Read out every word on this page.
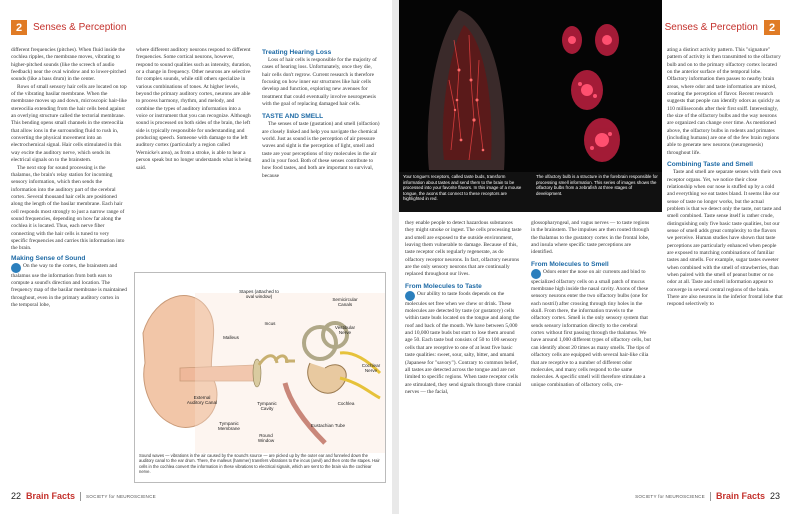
2	Senses & Perception

different frequencies (pitches). When fluid inside the cochlea ripples, the membrane moves, vibrating to higher-pitched sounds (like the screech of audio feedback) near the oval window and to lower-pitched sounds (like a bass drum) in the center.

Rows of small sensory hair cells are located on top of the vibrating basilar membrane. When the membrane moves up and down, microscopic hair-like stereocilia extending from the hair cells bend against an overlying structure called the tectorial membrane. This bending opens small channels in the stereocilia that allow ions in the surrounding fluid to rush in, converting the physical movement into an electrochemical signal. Hair cells stimulated in this way excite the auditory nerve, which sends its electrical signals on to the brainstem.

The next stop for sound processing is the thalamus, the brain's relay station for incoming sensory information, which then sends the information into the auditory part of the cerebral cortex. Several thousand hair cells are positioned along the length of the basilar membrane. Each hair cell responds most strongly to just a narrow range of sound frequencies, depending on how far along the cochlea it is located. Thus, each nerve fiber connecting with the hair cells is tuned to very specific frequencies and carries this information into the brain.

Making Sense of Sound

On the way to the cortex, the brainstem and thalamus use the information from both ears to compute a sound's direction and location. The frequency map of the basilar membrane is maintained throughout, even in the primary auditory cortex in the temporal lobe,

where different auditory neurons respond to different frequencies. Some cortical neurons, however, respond to sound qualities such as intensity, duration, or a change in frequency. Other neurons are selective for complex sounds, while still others specialize in various combinations of tones. At higher levels, beyond the primary auditory cortex, neurons are able to process harmony, rhythm, and melody, and combine the types of auditory information into a voice or instrument that you can recognize. Although sound is processed on both sides of the brain, the left side is typically responsible for understanding and producing speech. Someone with damage to the left auditory cortex (particularly a region called Wernicke's area), as from a stroke, is able to hear a person speak but no longer understands what is being said.

Treating Hearing Loss

Loss of hair cells is responsible for the majority of cases of hearing loss. Unfortunately, once they die, hair cells don't regrow. Current research is therefore focusing on how inner ear structures like hair cells develop and function, exploring new avenues for treatment that could eventually involve neurogenesis with the goal of replacing damaged hair cells.

TASTE AND SMELL

The senses of taste (gustation) and smell (olfaction) are closely linked and help you navigate the chemical world. Just as sound is the perception of air pressure waves and sight is the perception of light, smell and taste are your perceptions of tiny molecules in the air and in your food. Both of these senses contribute to how food tastes, and both are important to survival, because

Stapes (attached to oval window)
Semicircular Canals
Incus
Malleus
Vestibular Nerve
Cochlear Nerve
Cochlea
External Auditory Canal	Tympanic Cavity
Eustachian Tube
Tympanic Membrane
Round Window
Sound waves — vibrations in the air caused by the sound's source — are picked up by the outer ear and funneled down the auditory canal to the ear drum. There, the malleus (hammer) transfers vibrations to the incus (anvil) and then onto the stapes. Hair cells in the cochlea convert the information in these vibrations to electrical signals, which are sent to the brain via the cochlear nerve.
22 Brain Facts SOCIETY for NEUROSCIENCE
Senses & Perception 2
Your tongue's receptors, called taste buds, transform information about tastes and send them to the brain to be processed into your favorite flavors. In this image of a mouse tongue, the axons that connect to these receptors are highlighted in red.
The olfactory bulb is a structure in the forebrain responsible for processing smell information. This series of images shows the olfactory bulbs from a zebrafish at three stages of development.

they enable people to detect hazardous substances they might smoke or ingest. The cells processing taste and smell are exposed to the outside environment, leaving them vulnerable to damage. Because of this, taste receptor cells regularly regenerate, as do olfactory receptor neurons. In fact, olfactory neurons are the only sensory neurons that are continually replaced throughout our lives.

From Molecules to Taste

Our ability to taste foods depends on the molecules set free when we chew or drink. These molecules are detected by taste (or gustatory) cells within taste buds located on the tongue and along the roof and back of the mouth. We have between 5,000 and 10,000 taste buds but start to lose them around age 50. Each taste bud consists of 50 to 100 sensory cells that are receptive to one of at least five basic taste qualities: sweet, sour, salty, bitter, and umami (Japanese for "savory"). Contrary to common belief, all tastes are detected across the tongue and are not limited to specific regions. When taste receptor cells are stimulated, they send signals through three cranial nerves — the facial,

glossopharyngeal, and vagus nerves — to taste regions in the brainstem. The impulses are then routed through the thalamus to the gustatory cortex in the frontal lobe, and insula where specific taste perceptions are identified.

From Molecules to Smell

Odors enter the nose on air currents and bind to specialized olfactory cells on a small patch of mucus membrane high inside the nasal cavity. Axons of these sensory neurons enter the two olfactory bulbs (one for each nostril) after crossing through tiny holes in the skull. From there, the information travels to the olfactory cortex. Smell is the only sensory system that sends sensory information directly to the cerebral cortex without first passing through the thalamus. We have around 1,000 different types of olfactory cells, but can identify about 20 times as many smells. The tips of olfactory cells are equipped with several hair-like cilia that are receptive to a number of different odor molecules, and many cells respond to the same molecules. A specific smell will therefore stimulate a unique combination of olfactory cells, cre-

ating a distinct activity pattern. This "signature" pattern of activity is then transmitted to the olfactory bulb and on to the primary olfactory cortex located on the anterior surface of the temporal lobe. Olfactory information then passes to nearby brain areas, where odor and taste information are mixed, creating the perception of flavor. Recent research suggests that people can identify odors as quickly as 110 milliseconds after their first sniff. Interestingly, the size of the olfactory bulbs and the way neurons are organized can change over time. As mentioned above, the olfactory bulbs in rodents and primates (including humans) are one of the few brain regions able to generate new neurons (neurogenesis) throughout life.

Combining Taste and Smell

Taste and smell are separate senses with their own receptor organs. Yet, we notice their close relationship when our nose is stuffed up by a cold and everything we eat tastes bland. It seems like our sense of taste no longer works, but the actual problem is that we detect only the taste, not taste and smell combined. Taste sense itself is rather crude, distinguishing only five basic taste qualities, but our sense of smell adds great complexity to the flavors we perceive. Human studies have shown that taste perceptions are particularly enhanced when people are exposed to matching combinations of familiar tastes and smells. For example, sugar tastes sweeter when combined with the smell of strawberries, than when paired with the smell of peanut butter or no odor at all. Taste and smell information appear to converge in several central regions of the brain. There are also neurons in the inferior frontal lobe that respond selectively to

SOCIETY for NEUROSCIENCE Brain Facts 23
